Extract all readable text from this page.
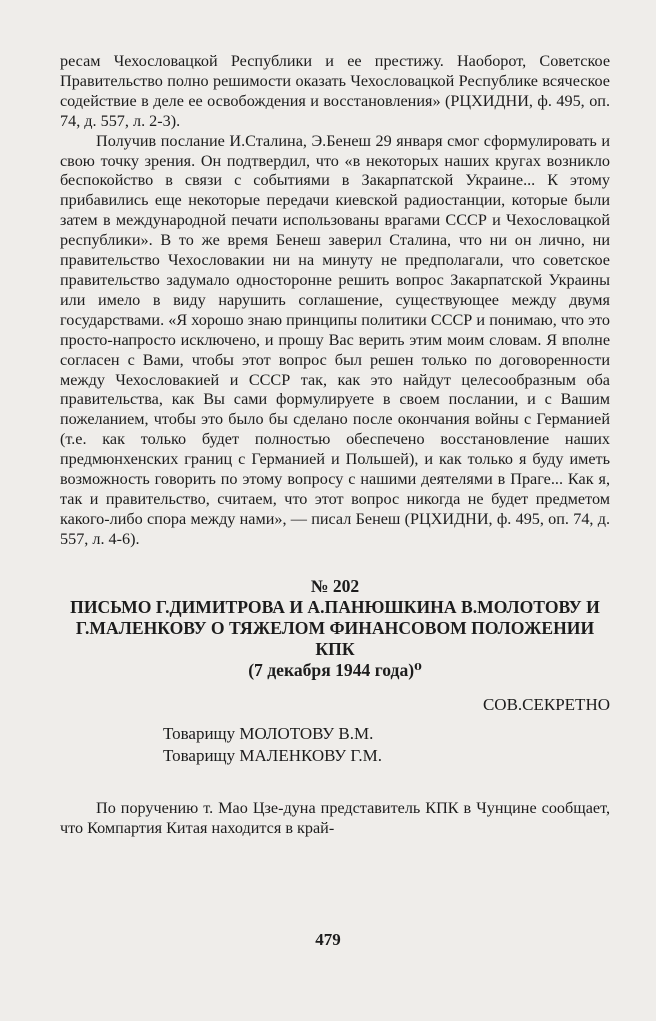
ресам Чехословацкой Республики и ее престижу. Наоборот, Советское Правительство полно решимости оказать Чехословацкой Республике всяческое содействие в деле ее освобождения и восстановления» (РЦХИДНИ, ф. 495, оп. 74, д. 557, л. 2-3).

Получив послание И.Сталина, Э.Бенеш 29 января смог сформулировать и свою точку зрения. Он подтвердил, что «в некоторых наших кругах возникло беспокойство в связи с событиями в Закарпатской Украине... К этому прибавились еще некоторые передачи киевской радиостанции, которые были затем в международной печати использованы врагами СССР и Чехословацкой республики». В то же время Бенеш заверил Сталина, что ни он лично, ни правительство Чехословакии ни на минуту не предполагали, что советское правительство задумало односторонне решить вопрос Закарпатской Украины или имело в виду нарушить соглашение, существующее между двумя государствами. «Я хорошо знаю принципы политики СССР и понимаю, что это просто-напросто исключено, и прошу Вас верить этим моим словам. Я вполне согласен с Вами, чтобы этот вопрос был решен только по договоренности между Чехословакией и СССР так, как это найдут целесообразным оба правительства, как Вы сами формулируете в своем послании, и с Вашим пожеланием, чтобы это было бы сделано после окончания войны с Германией (т.е. как только будет полностью обеспечено восстановление наших предмюнхенских границ с Германией и Польшей), и как только я буду иметь возможность говорить по этому вопросу с нашими деятелями в Праге... Как я, так и правительство, считаем, что этот вопрос никогда не будет предметом какого-либо спора между нами», — писал Бенеш (РЦХИДНИ, ф. 495, оп. 74, д. 557, л. 4-6).

№ 202
ПИСЬМО Г.ДИМИТРОВА И А.ПАНЮШКИНА В.МОЛОТОВУ И Г.МАЛЕНКОВУ О ТЯЖЕЛОМ ФИНАНСОВОМ ПОЛОЖЕНИИ КПК
(7 декабря 1944 года)⁰
СОВ.СЕКРЕТНО
Товарищу МОЛОТОВУ В.М.
Товарищу МАЛЕНКОВУ Г.М.

По поручению т. Мао Цзе-дуна представитель КПК в Чунцине сообщает, что Компартия Китая находится в край-

479
